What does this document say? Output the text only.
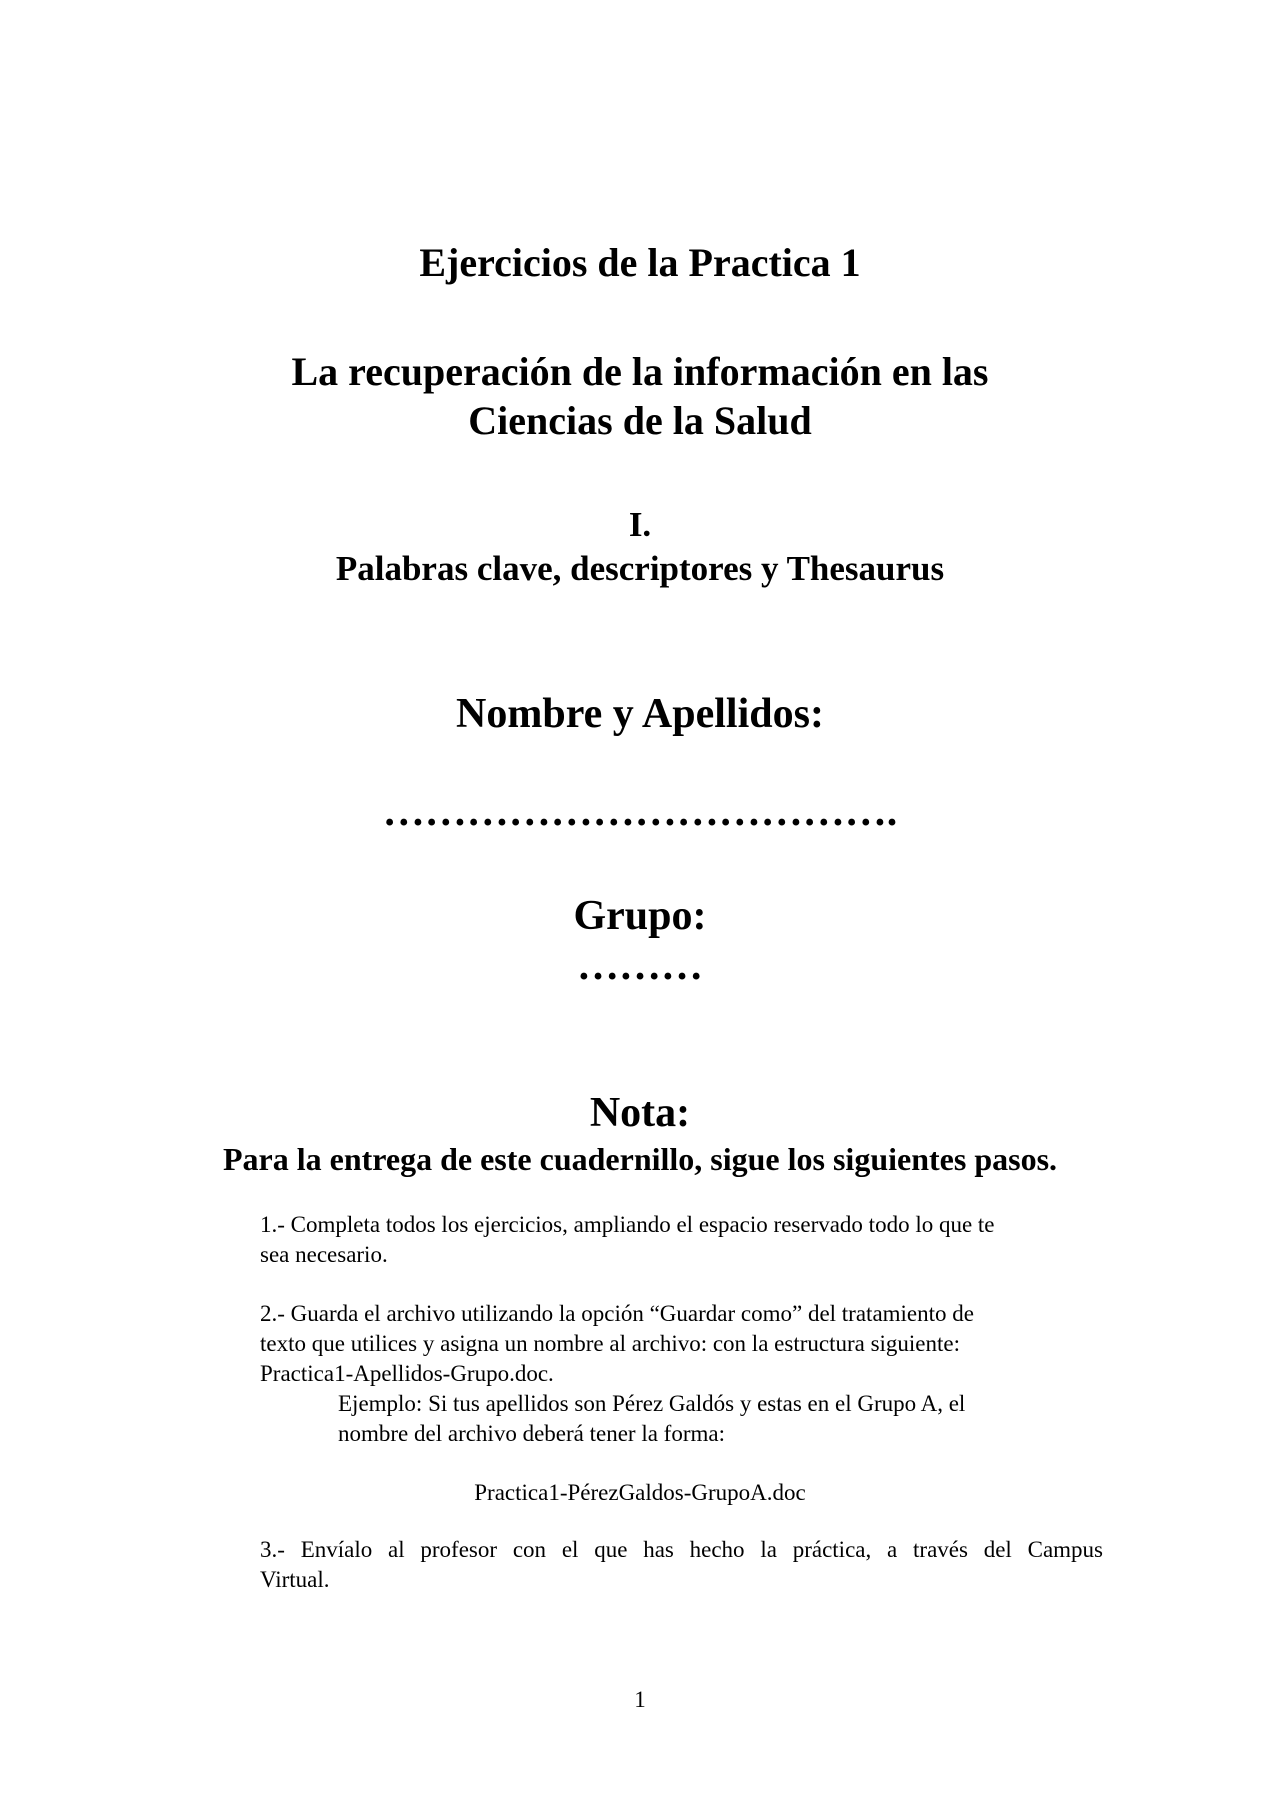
Ejercicios de la Practica 1
La recuperación de la información en las
Ciencias de la Salud
I.
Palabras clave, descriptores y Thesaurus
Nombre y Apellidos:
……………………………….
Grupo:
………
Nota:
Para la entrega de este cuadernillo, sigue los siguientes pasos.
1.- Completa todos los ejercicios, ampliando el espacio reservado todo lo que te
sea necesario.
2.- Guarda el archivo utilizando la opción “Guardar como” del tratamiento de
texto que utilices y asigna un nombre al archivo: con la estructura siguiente:
Practica1-Apellidos-Grupo.doc.
Ejemplo: Si tus apellidos son Pérez Galdós y estas en el Grupo A, el
nombre del archivo deberá tener la forma:
Practica1-PérezGaldos-GrupoA.doc
3.- Envíalo al profesor con el que has hecho la práctica, a través del Campus
Virtual.
1
